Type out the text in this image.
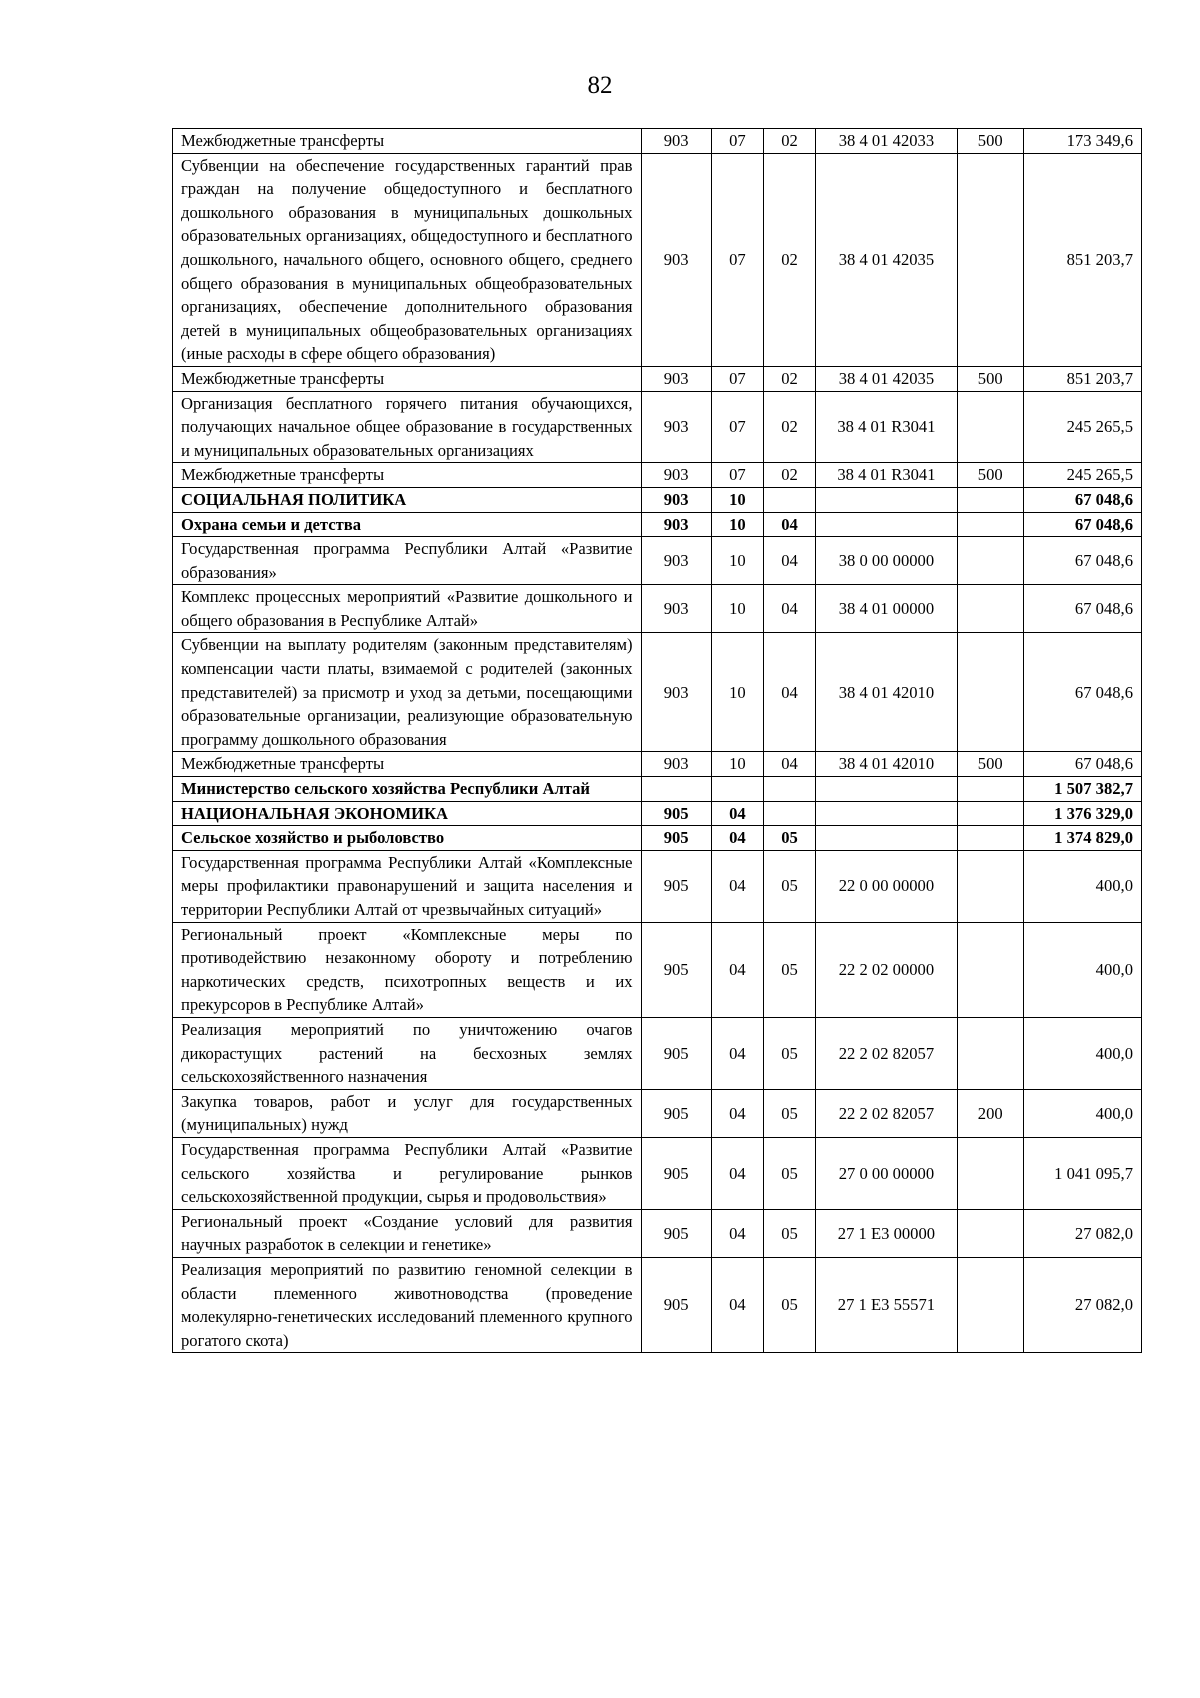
82
Межбюджетные трансферты	903	07	02	38 4 01 42033	500	173 349,6
Субвенции на обеспечение государственных гарантий прав граждан на получение общедоступного и бесплатного дошкольного образования в муниципальных дошкольных образовательных организациях, общедоступного и бесплатного дошкольного, начального общего, основного общего, среднего общего образования в муниципальных общеобразовательных организациях, обеспечение дополнительного образования детей в муниципальных общеобразовательных организациях (иные расходы в сфере общего образования)	903	07	02	38 4 01 42035		851 203,7
Межбюджетные трансферты	903	07	02	38 4 01 42035	500	851 203,7
Организация бесплатного горячего питания обучающихся, получающих начальное общее образование в государственных и муниципальных образовательных организациях	903	07	02	38 4 01 R3041		245 265,5
Межбюджетные трансферты	903	07	02	38 4 01 R3041	500	245 265,5
СОЦИАЛЬНАЯ ПОЛИТИКА	903	10				67 048,6
Охрана семьи и детства	903	10	04			67 048,6
Государственная программа Республики Алтай «Развитие образования»	903	10	04	38 0 00 00000		67 048,6
Комплекс процессных мероприятий «Развитие дошкольного и общего образования в Республике Алтай»	903	10	04	38 4 01 00000		67 048,6
Субвенции на выплату родителям (законным представителям) компенсации части платы, взимаемой с родителей (законных представителей) за присмотр и уход за детьми, посещающими образовательные организации, реализующие образовательную программу дошкольного образования	903	10	04	38 4 01 42010		67 048,6
Межбюджетные трансферты	903	10	04	38 4 01 42010	500	67 048,6
Министерство сельского хозяйства Республики Алтай						1 507 382,7
НАЦИОНАЛЬНАЯ ЭКОНОМИКА	905	04				1 376 329,0
Сельское хозяйство и рыболовство	905	04	05			1 374 829,0
Государственная программа Республики Алтай «Комплексные меры профилактики правонарушений и защита населения и территории Республики Алтай от чрезвычайных ситуаций»	905	04	05	22 0 00 00000		400,0
Региональный проект «Комплексные меры по противодействию незаконному обороту и потреблению наркотических средств, психотропных веществ и их прекурсоров в Республике Алтай»	905	04	05	22 2 02 00000		400,0
Реализация мероприятий по уничтожению очагов дикорастущих растений на бесхозных землях сельскохозяйственного назначения	905	04	05	22 2 02 82057		400,0
Закупка товаров, работ и услуг для государственных (муниципальных) нужд	905	04	05	22 2 02 82057	200	400,0
Государственная программа Республики Алтай «Развитие сельского хозяйства и регулирование рынков сельскохозяйственной продукции, сырья и продовольствия»	905	04	05	27 0 00 00000		1 041 095,7
Региональный проект «Создание условий для развития научных разработок в селекции и генетике»	905	04	05	27 1 E3 00000		27 082,0
Реализация мероприятий по развитию геномной селекции в области племенного животноводства (проведение молекулярно-генетических исследований племенного крупного рогатого скота)	905	04	05	27 1 E3 55571		27 082,0
